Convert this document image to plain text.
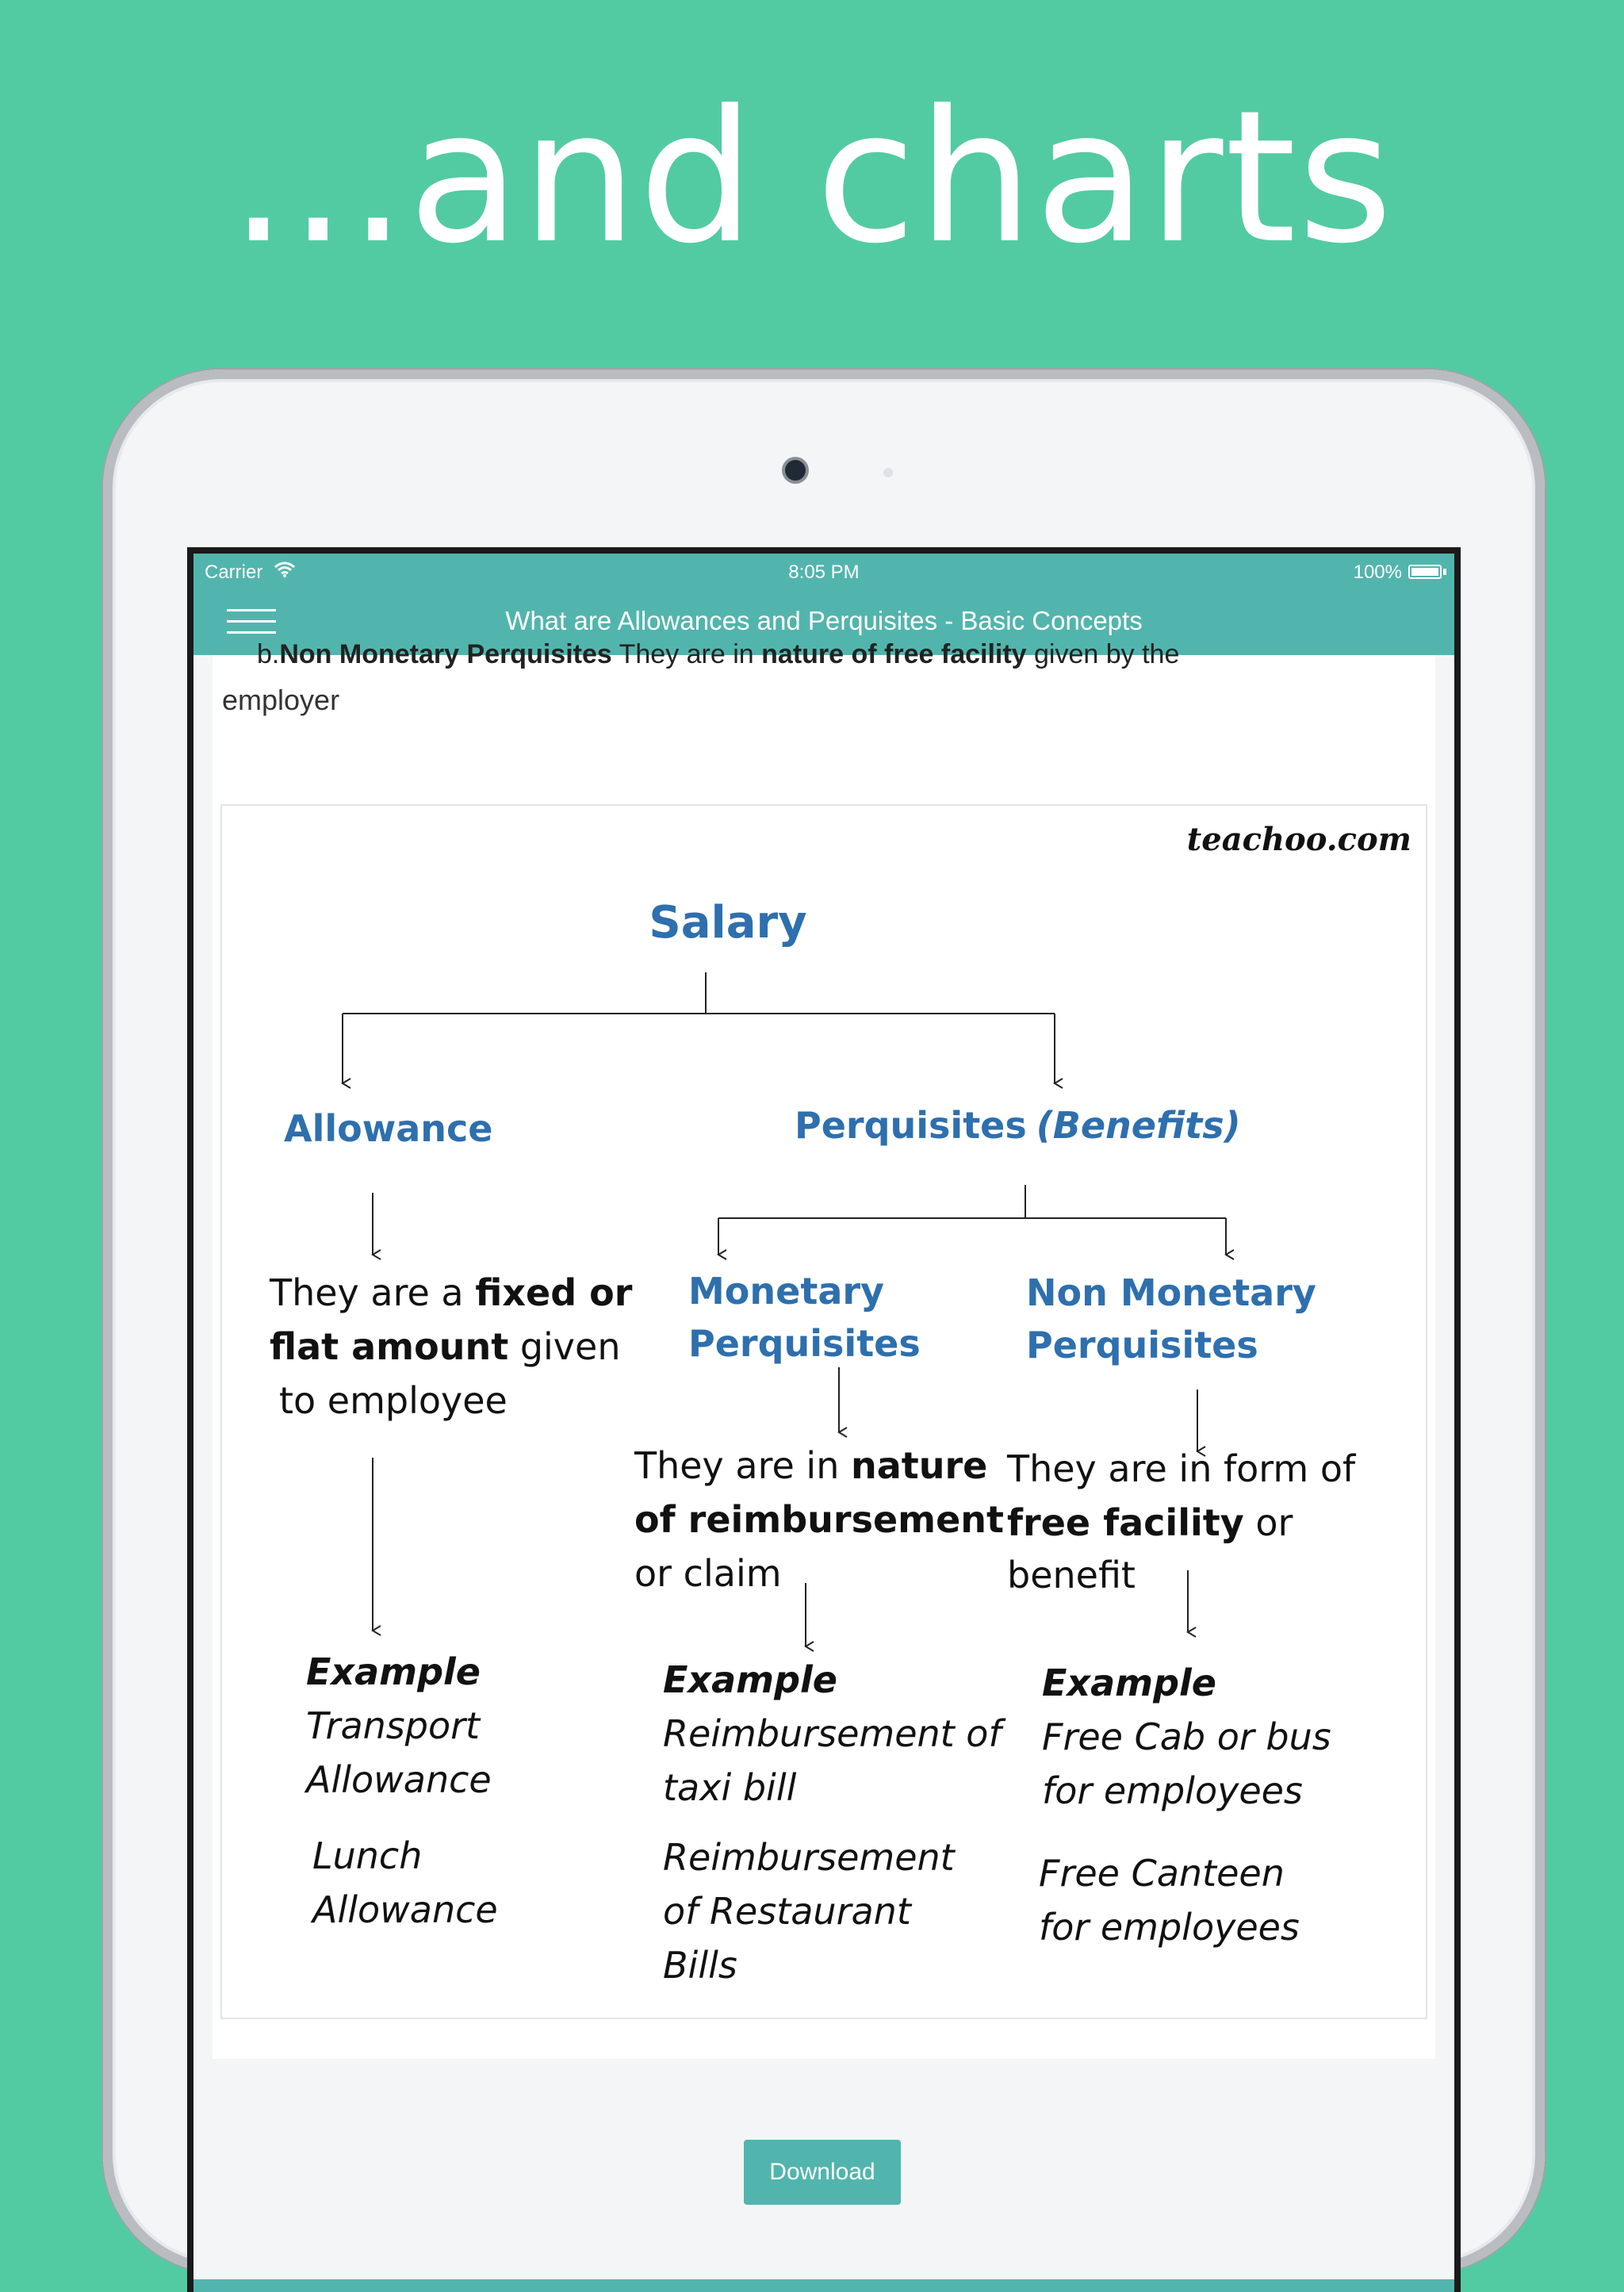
...and charts
Carrier	8:05 PM	100%
What are Allowances and Perquisites - Basic Concepts
b.Non Monetary Perquisites They are in nature of free facility given by the
employer
teachoo.com
Salary
Allowance	Perquisites (Benefits)
Monetary
Perquisites
Non Monetary
Perquisites
They are a fixed or
flat amount given
to employee
They are in nature
of reimbursement
or claim
They are in form of
free facility or
benefit
Example
Transport
Allowance
Lunch
Allowance
Example
Reimbursement of
taxi bill
Reimbursement
of Restaurant
Bills
Example
Free Cab or bus
for employees
Free Canteen
for employees
Download
